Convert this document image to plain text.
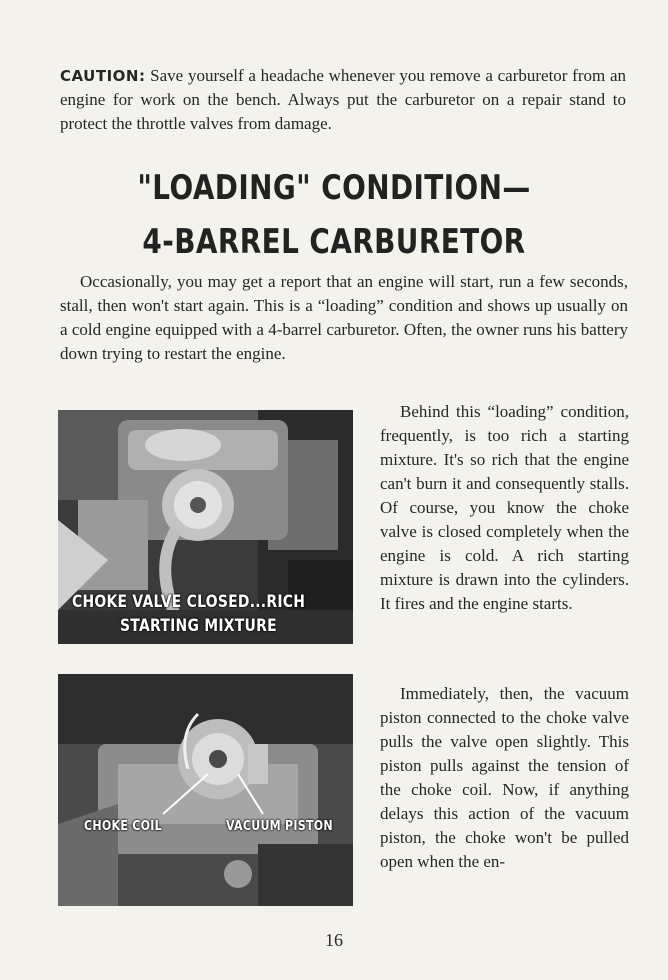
CAUTION: Save yourself a headache whenever you remove a carburetor from an engine for work on the bench. Always put the carburetor on a repair stand to protect the throttle valves from damage.
"LOADING" CONDITION—
4-BARREL CARBURETOR

Occasionally, you may get a report that an engine will start, run a few seconds, stall, then won't start again. This is a “loading” condition and shows up usually on a cold engine equipped with a 4-barrel carburetor. Often, the owner runs his battery down trying to restart the engine.

CHOKE VALVE CLOSED...RICH
STARTING MIXTURE
CHOKE COIL	VACUUM PISTON

Behind this “loading” condition, frequently, is too rich a starting mixture. It's so rich that the engine can't burn it and consequently stalls. Of course, you know the choke valve is closed completely when the engine is cold. A rich starting mixture is drawn into the cylinders. It fires and the engine starts.

Immediately, then, the vacuum piston connected to the choke valve pulls the valve open slightly. This piston pulls against the tension of the choke coil. Now, if anything delays this action of the vacuum piston, the choke won't be pulled open when the en-

16
